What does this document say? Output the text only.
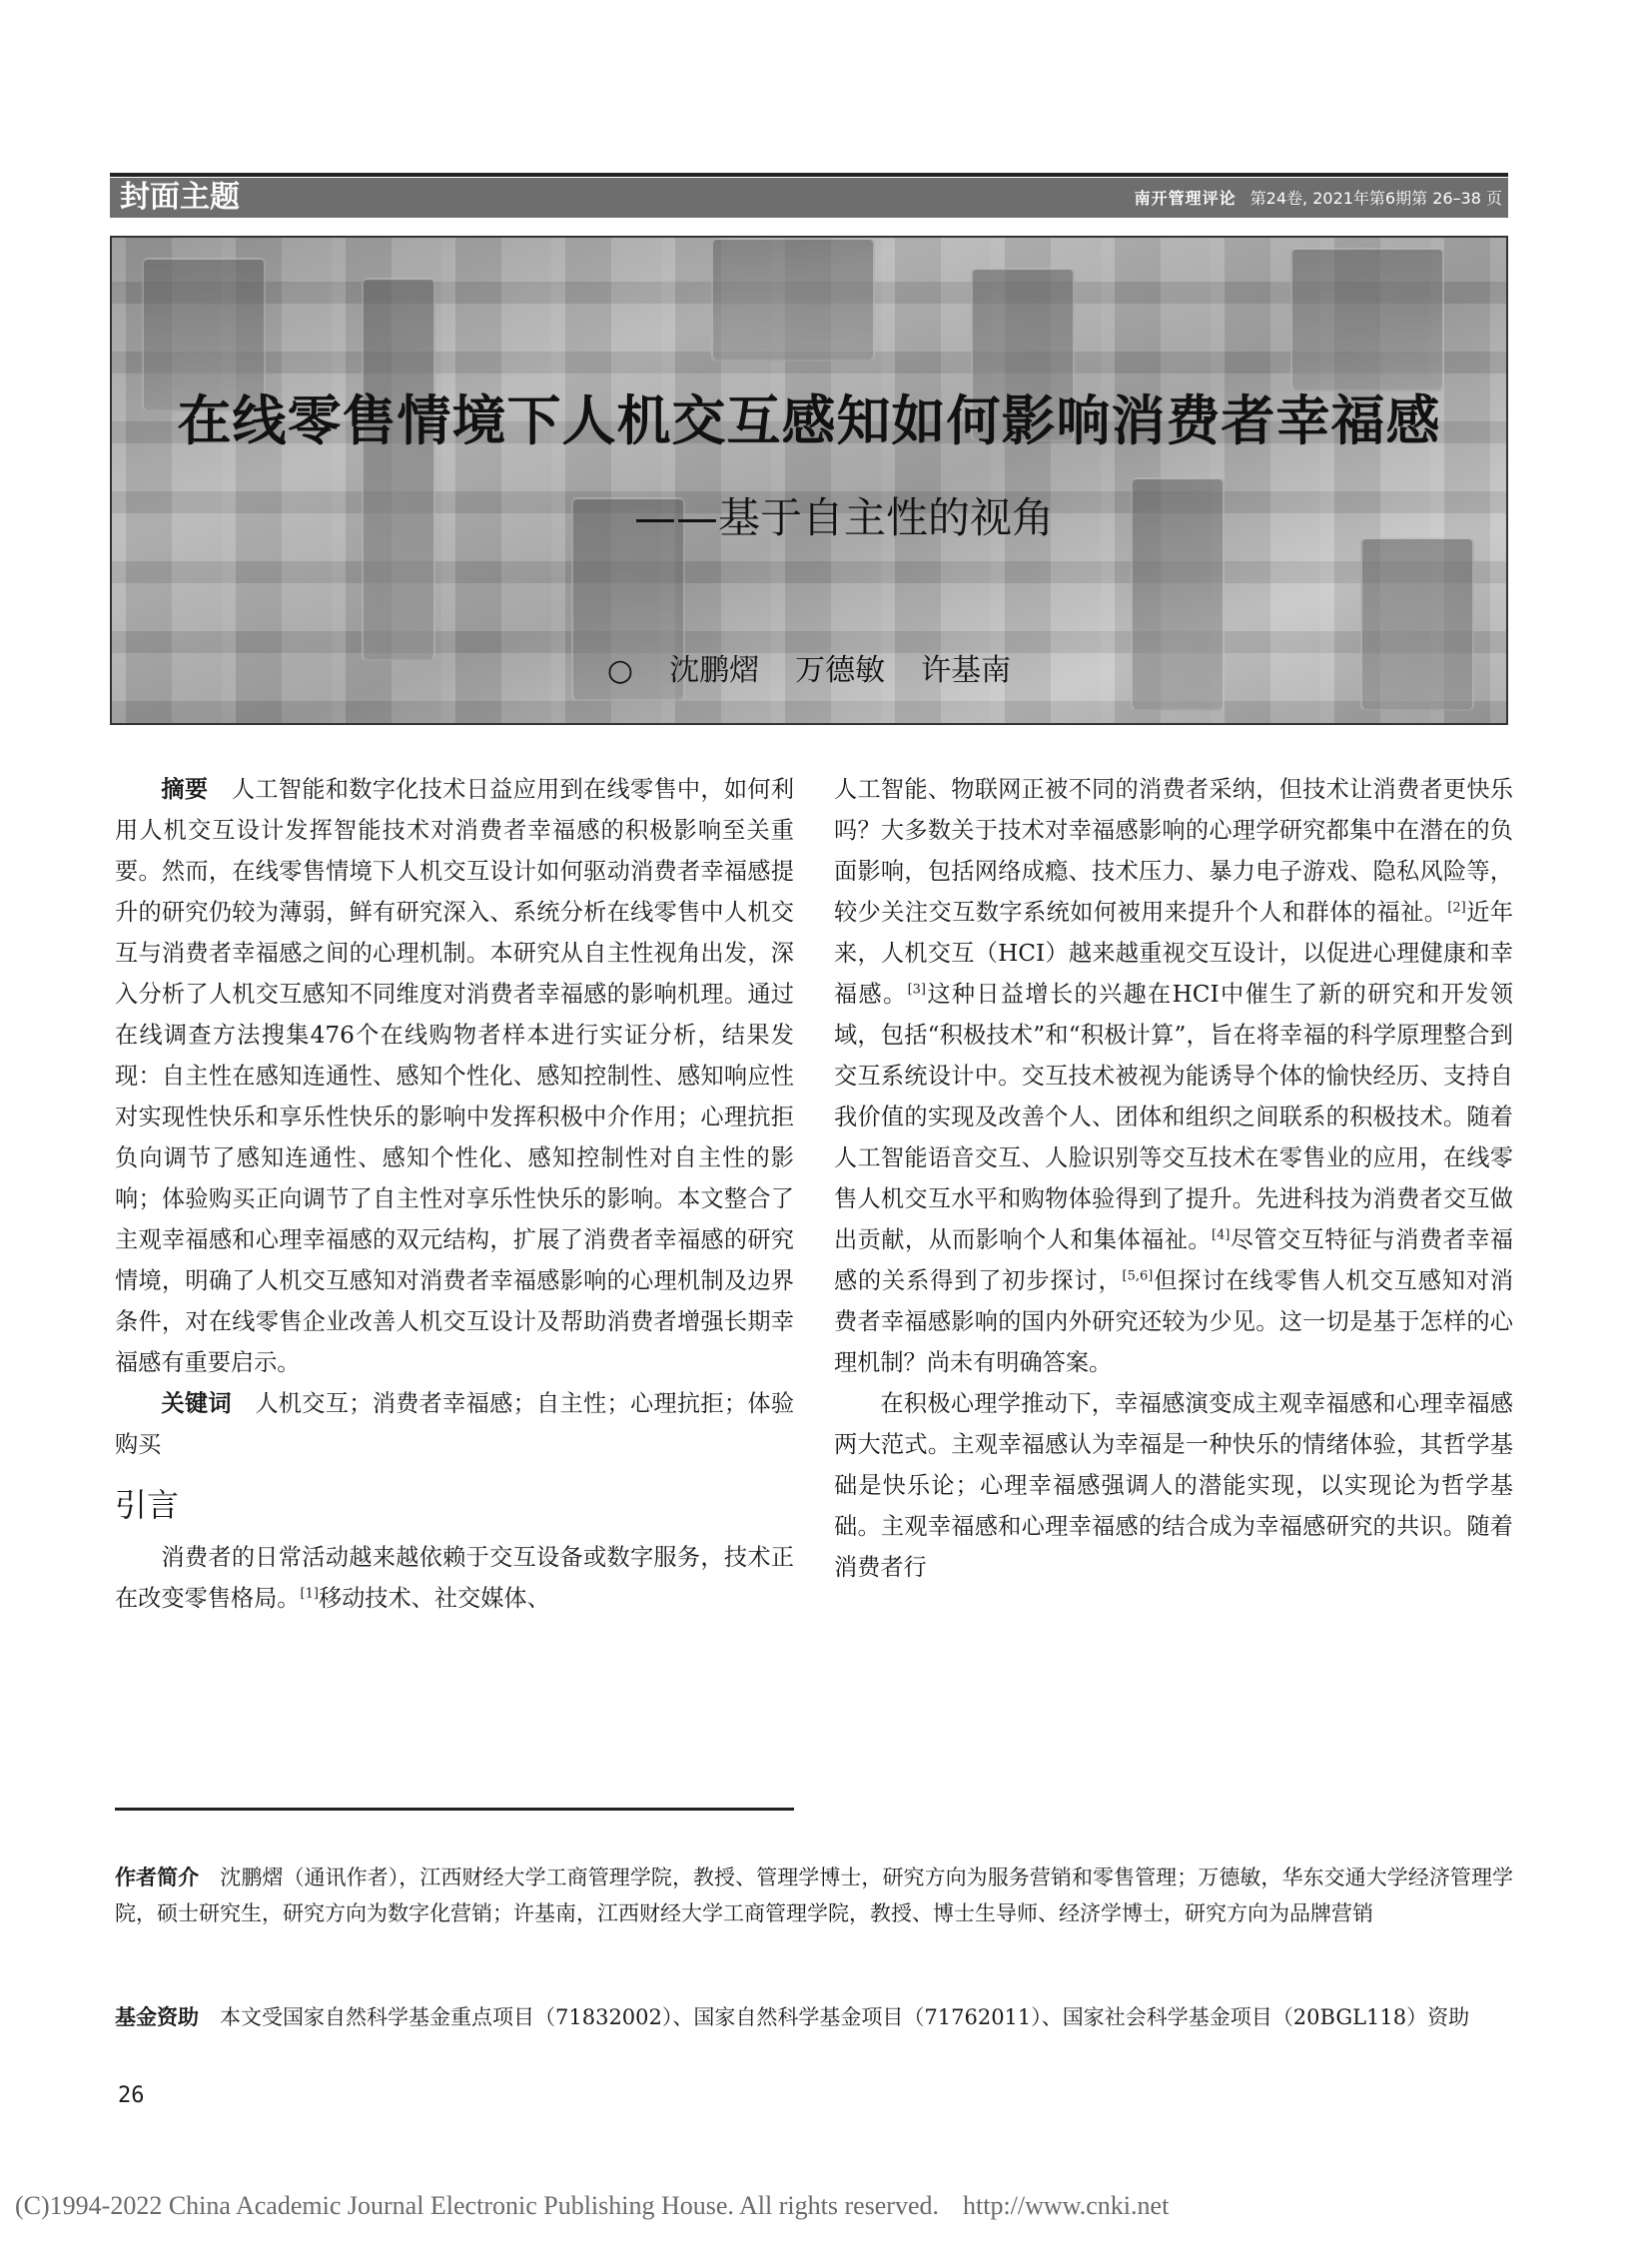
封面主题	南开管理评论 第24卷, 2021年第6期第 26–38 页
在线零售情境下人机交互感知如何影响消费者幸福感
——基于自主性的视角
○ 沈鹏熠 万德敏 许基南

摘要　 人工智能和数字化技术日益应用到在线零售中，如何利用人机交互设计发挥智能技术对消费者幸福感的积极影响至关重要。然而，在线零售情境下人机交互设计如何驱动消费者幸福感提升的研究仍较为薄弱，鲜有研究深入、系统分析在线零售中人机交互与消费者幸福感之间的心理机制。本研究从自主性视角出发，深入分析了人机交互感知不同维度对消费者幸福感的影响机理。通过在线调查方法搜集476个在线购物者样本进行实证分析，结果发现：自主性在感知连通性、感知个性化、感知控制性、感知响应性对实现性快乐和享乐性快乐的影响中发挥积极中介作用；心理抗拒负向调节了感知连通性、感知个性化、感知控制性对自主性的影响；体验购买正向调节了自主性对享乐性快乐的影响。本文整合了主观幸福感和心理幸福感的双元结构，扩展了消费者幸福感的研究情境，明确了人机交互感知对消费者幸福感影响的心理机制及边界条件，对在线零售企业改善人机交互设计及帮助消费者增强长期幸福感有重要启示。

关键词　 人机交互；消费者幸福感；自主性；心理抗拒；体验购买

引言

消费者的日常活动越来越依赖于交互设备或数字服务，技术正在改变零售格局。[1]移动技术、社交媒体、

人工智能、物联网正被不同的消费者采纳，但技术让消费者更快乐吗？大多数关于技术对幸福感影响的心理学研究都集中在潜在的负面影响，包括网络成瘾、技术压力、暴力电子游戏、隐私风险等，较少关注交互数字系统如何被用来提升个人和群体的福祉。[2]近年来，人机交互（HCI）越来越重视交互设计，以促进心理健康和幸福感。[3]这种日益增长的兴趣在HCI中催生了新的研究和开发领域，包括“积极技术”和“积极计算”，旨在将幸福的科学原理整合到交互系统设计中。交互技术被视为能诱导个体的愉快经历、支持自我价值的实现及改善个人、团体和组织之间联系的积极技术。随着人工智能语音交互、人脸识别等交互技术在零售业的应用，在线零售人机交互水平和购物体验得到了提升。先进科技为消费者交互做出贡献，从而影响个人和集体福祉。[4]尽管交互特征与消费者幸福感的关系得到了初步探讨，[5,6]但探讨在线零售人机交互感知对消费者幸福感影响的国内外研究还较为少见。这一切是基于怎样的心理机制？尚未有明确答案。

在积极心理学推动下，幸福感演变成主观幸福感和心理幸福感两大范式。主观幸福感认为幸福是一种快乐的情绪体验，其哲学基础是快乐论；心理幸福感强调人的潜能实现，以实现论为哲学基础。主观幸福感和心理幸福感的结合成为幸福感研究的共识。随着消费者行

作者简介　 沈鹏熠（通讯作者），江西财经大学工商管理学院，教授、管理学博士，研究方向为服务营销和零售管理；万德敏，华东交通大学经济管理学院，硕士研究生，研究方向为数字化营销；许基南，江西财经大学工商管理学院，教授、博士生导师、经济学博士，研究方向为品牌营销
基金资助　 本文受国家自然科学基金重点项目（71832002）、国家自然科学基金项目（71762011）、国家社会科学基金项目（20BGL118）资助
26
(C)1994-2022 China Academic Journal Electronic Publishing House. All rights reserved. http://www.cnki.net
